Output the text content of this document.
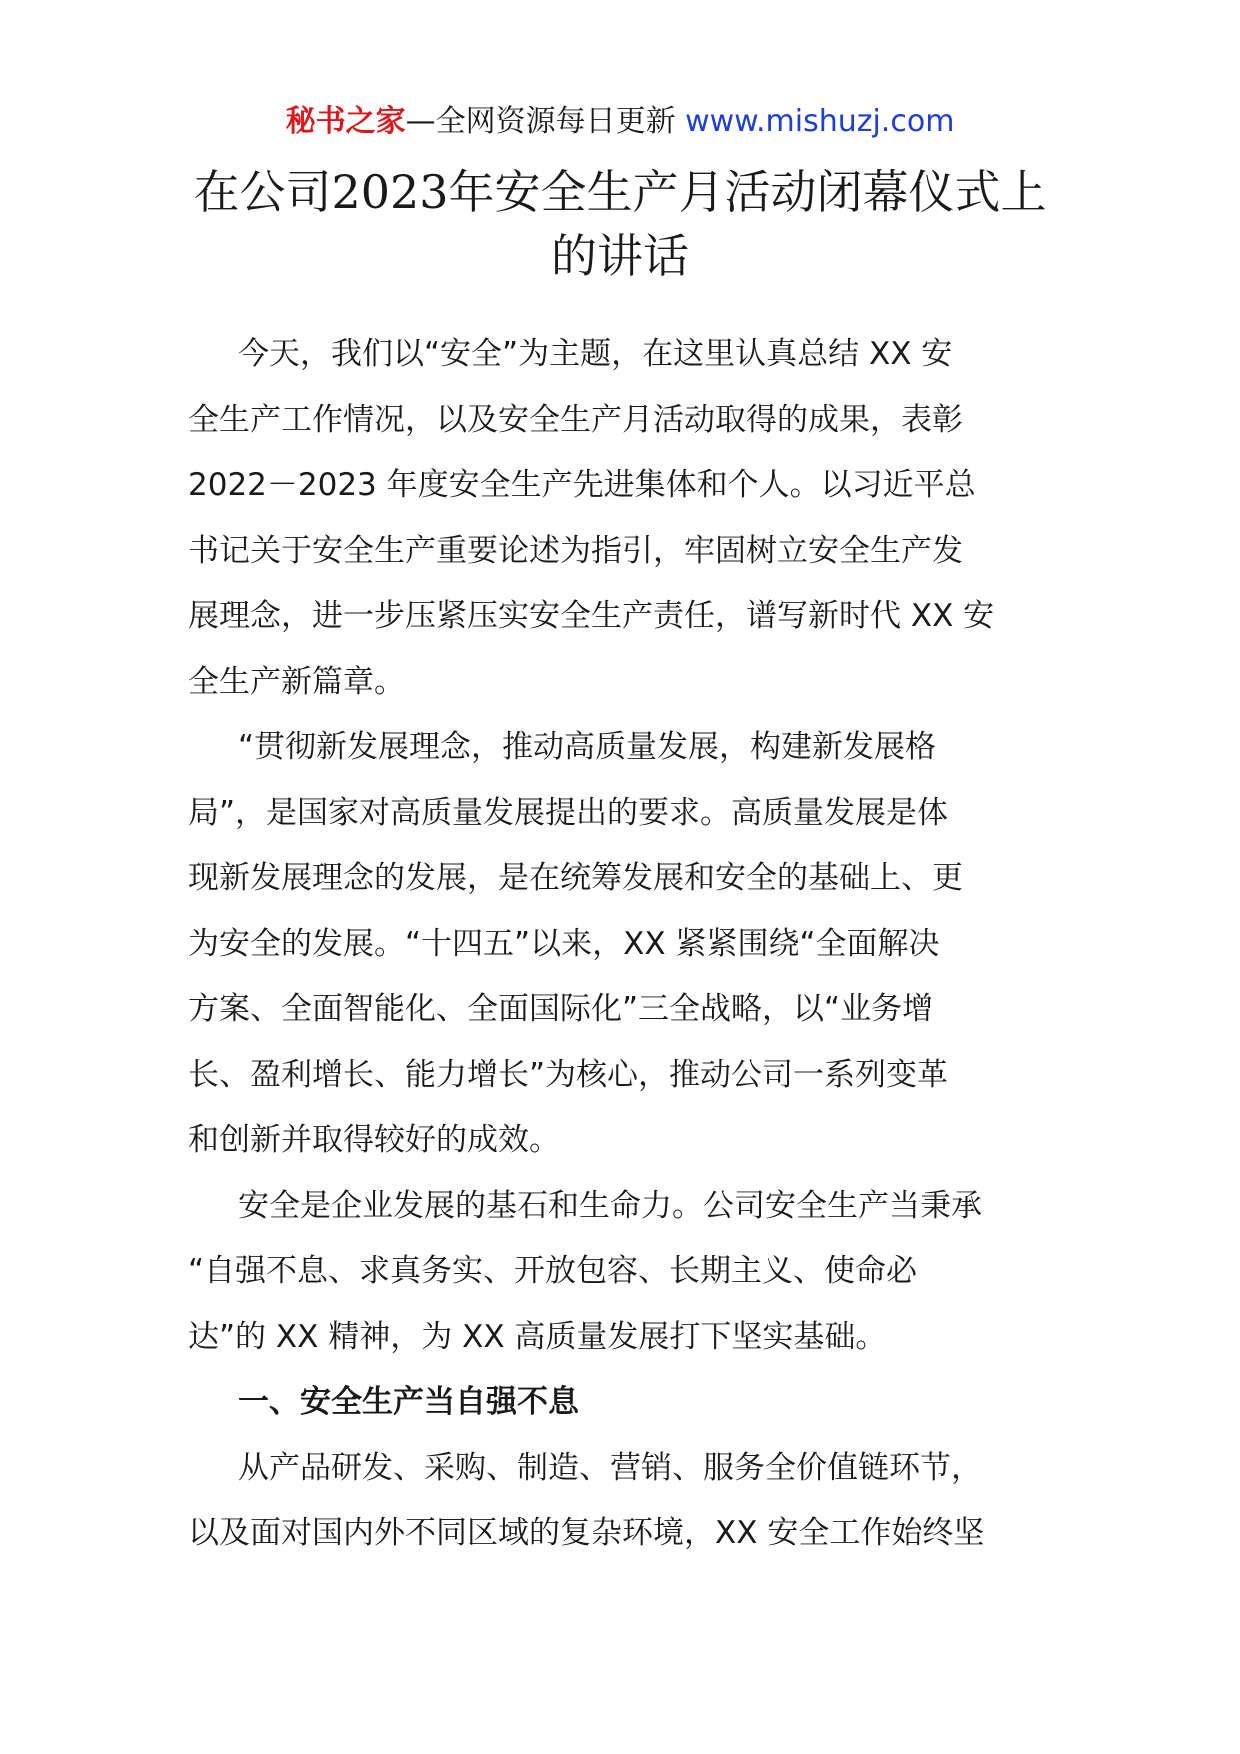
秘书之家—全网资源每日更新 www.mishuzj.com
在公司2023年安全生产月活动闭幕仪式上
的讲话
今天，我们以“安全”为主题，在这里认真总结 XX 安
全生产工作情况，以及安全生产月活动取得的成果，表彰
2022－2023 年度安全生产先进集体和个人。以习近平总
书记关于安全生产重要论述为指引，牢固树立安全生产发
展理念，进一步压紧压实安全生产责任，谱写新时代 XX 安
全生产新篇章。
“贯彻新发展理念，推动高质量发展，构建新发展格
局”，是国家对高质量发展提出的要求。高质量发展是体
现新发展理念的发展，是在统筹发展和安全的基础上、更
为安全的发展。“十四五”以来，XX 紧紧围绕“全面解决
方案、全面智能化、全面国际化”三全战略，以“业务增
长、盈利增长、能力增长”为核心，推动公司一系列变革
和创新并取得较好的成效。
安全是企业发展的基石和生命力。公司安全生产当秉承
“自强不息、求真务实、开放包容、长期主义、使命必
达”的 XX 精神，为 XX 高质量发展打下坚实基础。
一、安全生产当自强不息
从产品研发、采购、制造、营销、服务全价值链环节，
以及面对国内外不同区域的复杂环境，XX 安全工作始终坚
